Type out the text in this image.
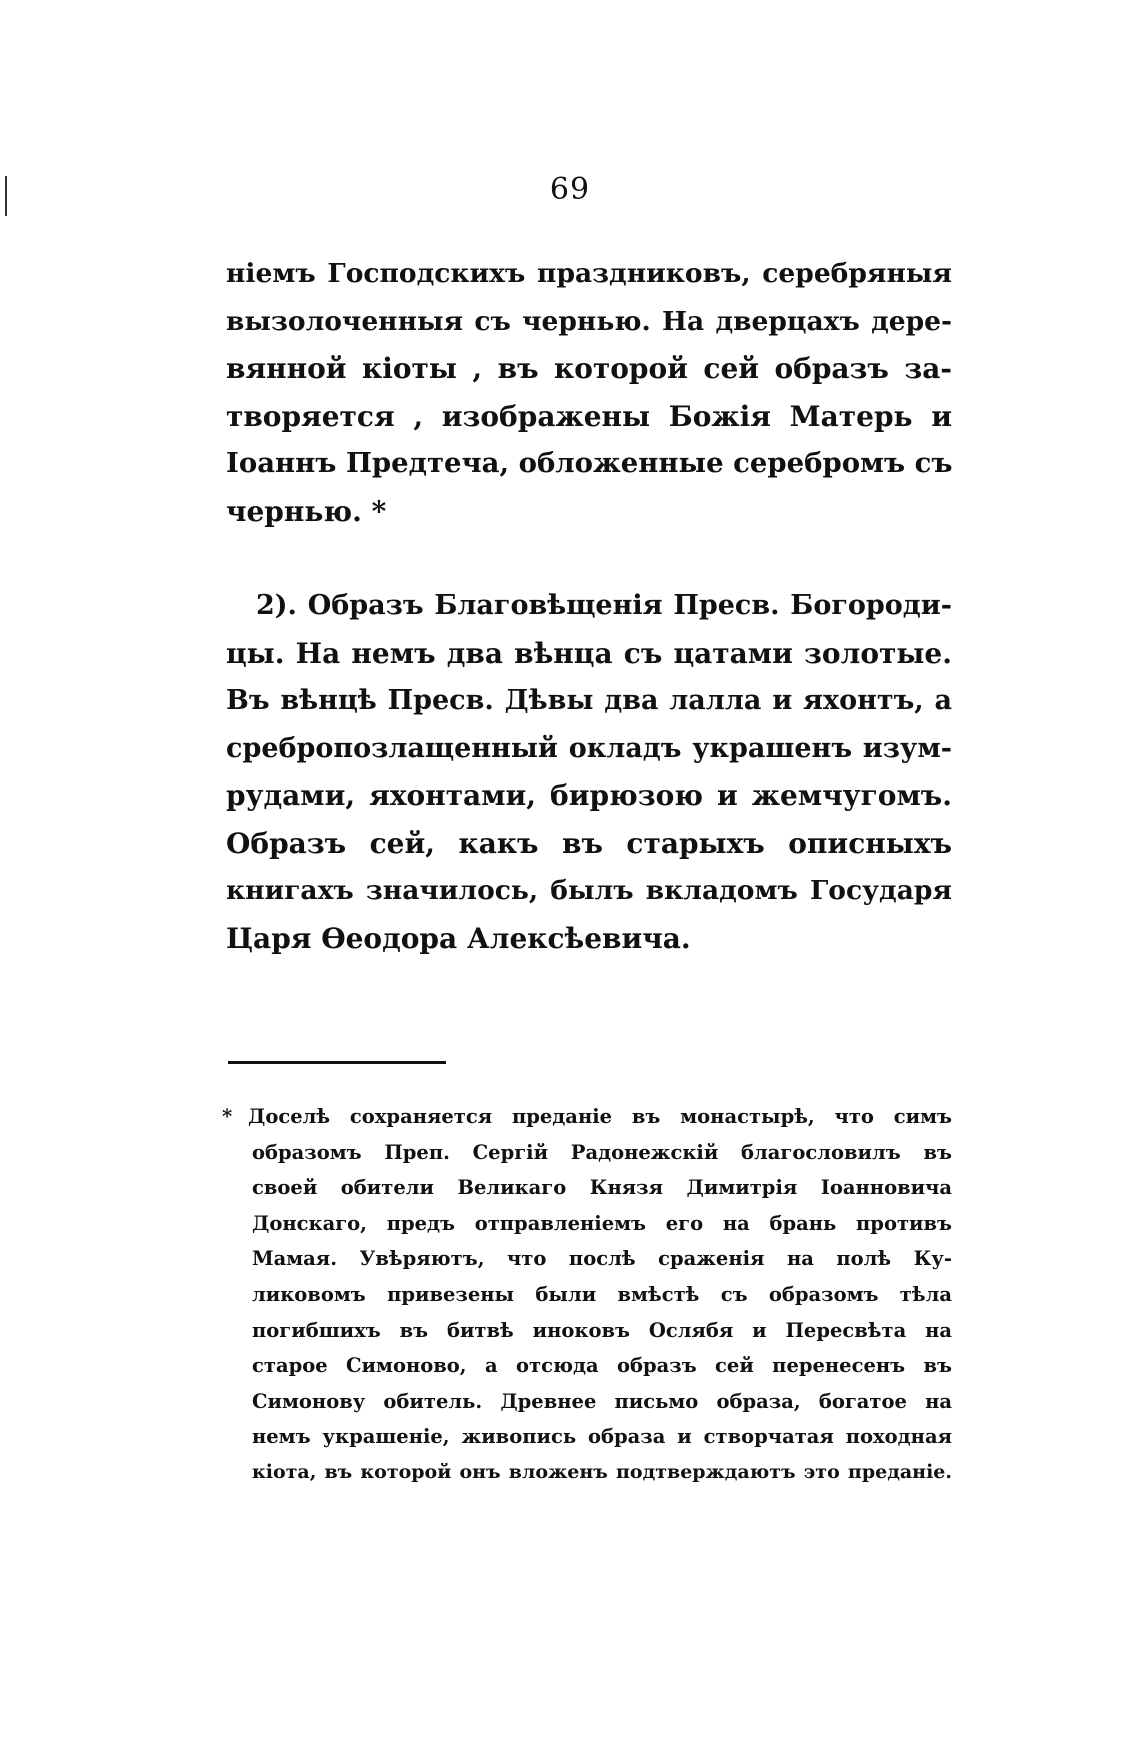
69
ніемъ Господскихъ праздниковъ, серебряныя
вызолоченныя съ чернью. На дверцахъ дере-
вянной кіоты , въ которой сей образъ за-
творяется , изображены Божія Матерь и
Іоаннъ Предтеча, обложенные серебромъ съ
чернью. *
2). Образъ Благовѣщенія Пресв. Богороди-
цы. На немъ два вѣнца съ цатами золотые.
Въ вѣнцѣ Пресв. Дѣвы два лалла и яхонтъ, а
сребропозлащенный окладъ украшенъ изум-
рудами, яхонтами, бирюзою и жемчугомъ.
Образъ сей, какъ въ старыхъ описныхъ
книгахъ значилось, былъ вкладомъ Государя
Царя Өеодора Алексѣевича.
* Доселѣ сохраняется преданіе въ монастырѣ, что симъ
образомъ Преп. Сергій Радонежскій благословилъ въ
своей обители Великаго Князя Димитрія Іоанновича
Донскаго, предъ отправленіемъ его на брань противъ
Мамая. Увѣряютъ, что послѣ сраженія на полѣ Ку-
ликовомъ привезены были вмѣстѣ съ образомъ тѣла
погибшихъ въ битвѣ иноковъ Ослябя и Пересвѣта на
старое Симоново, а отсюда образъ сей перенесенъ въ
Симонову обитель. Древнее письмо образа, богатое на
немъ украшеніе, живопись образа и створчатая походная
кіота, въ которой онъ вложенъ подтверждаютъ это преданіе.
